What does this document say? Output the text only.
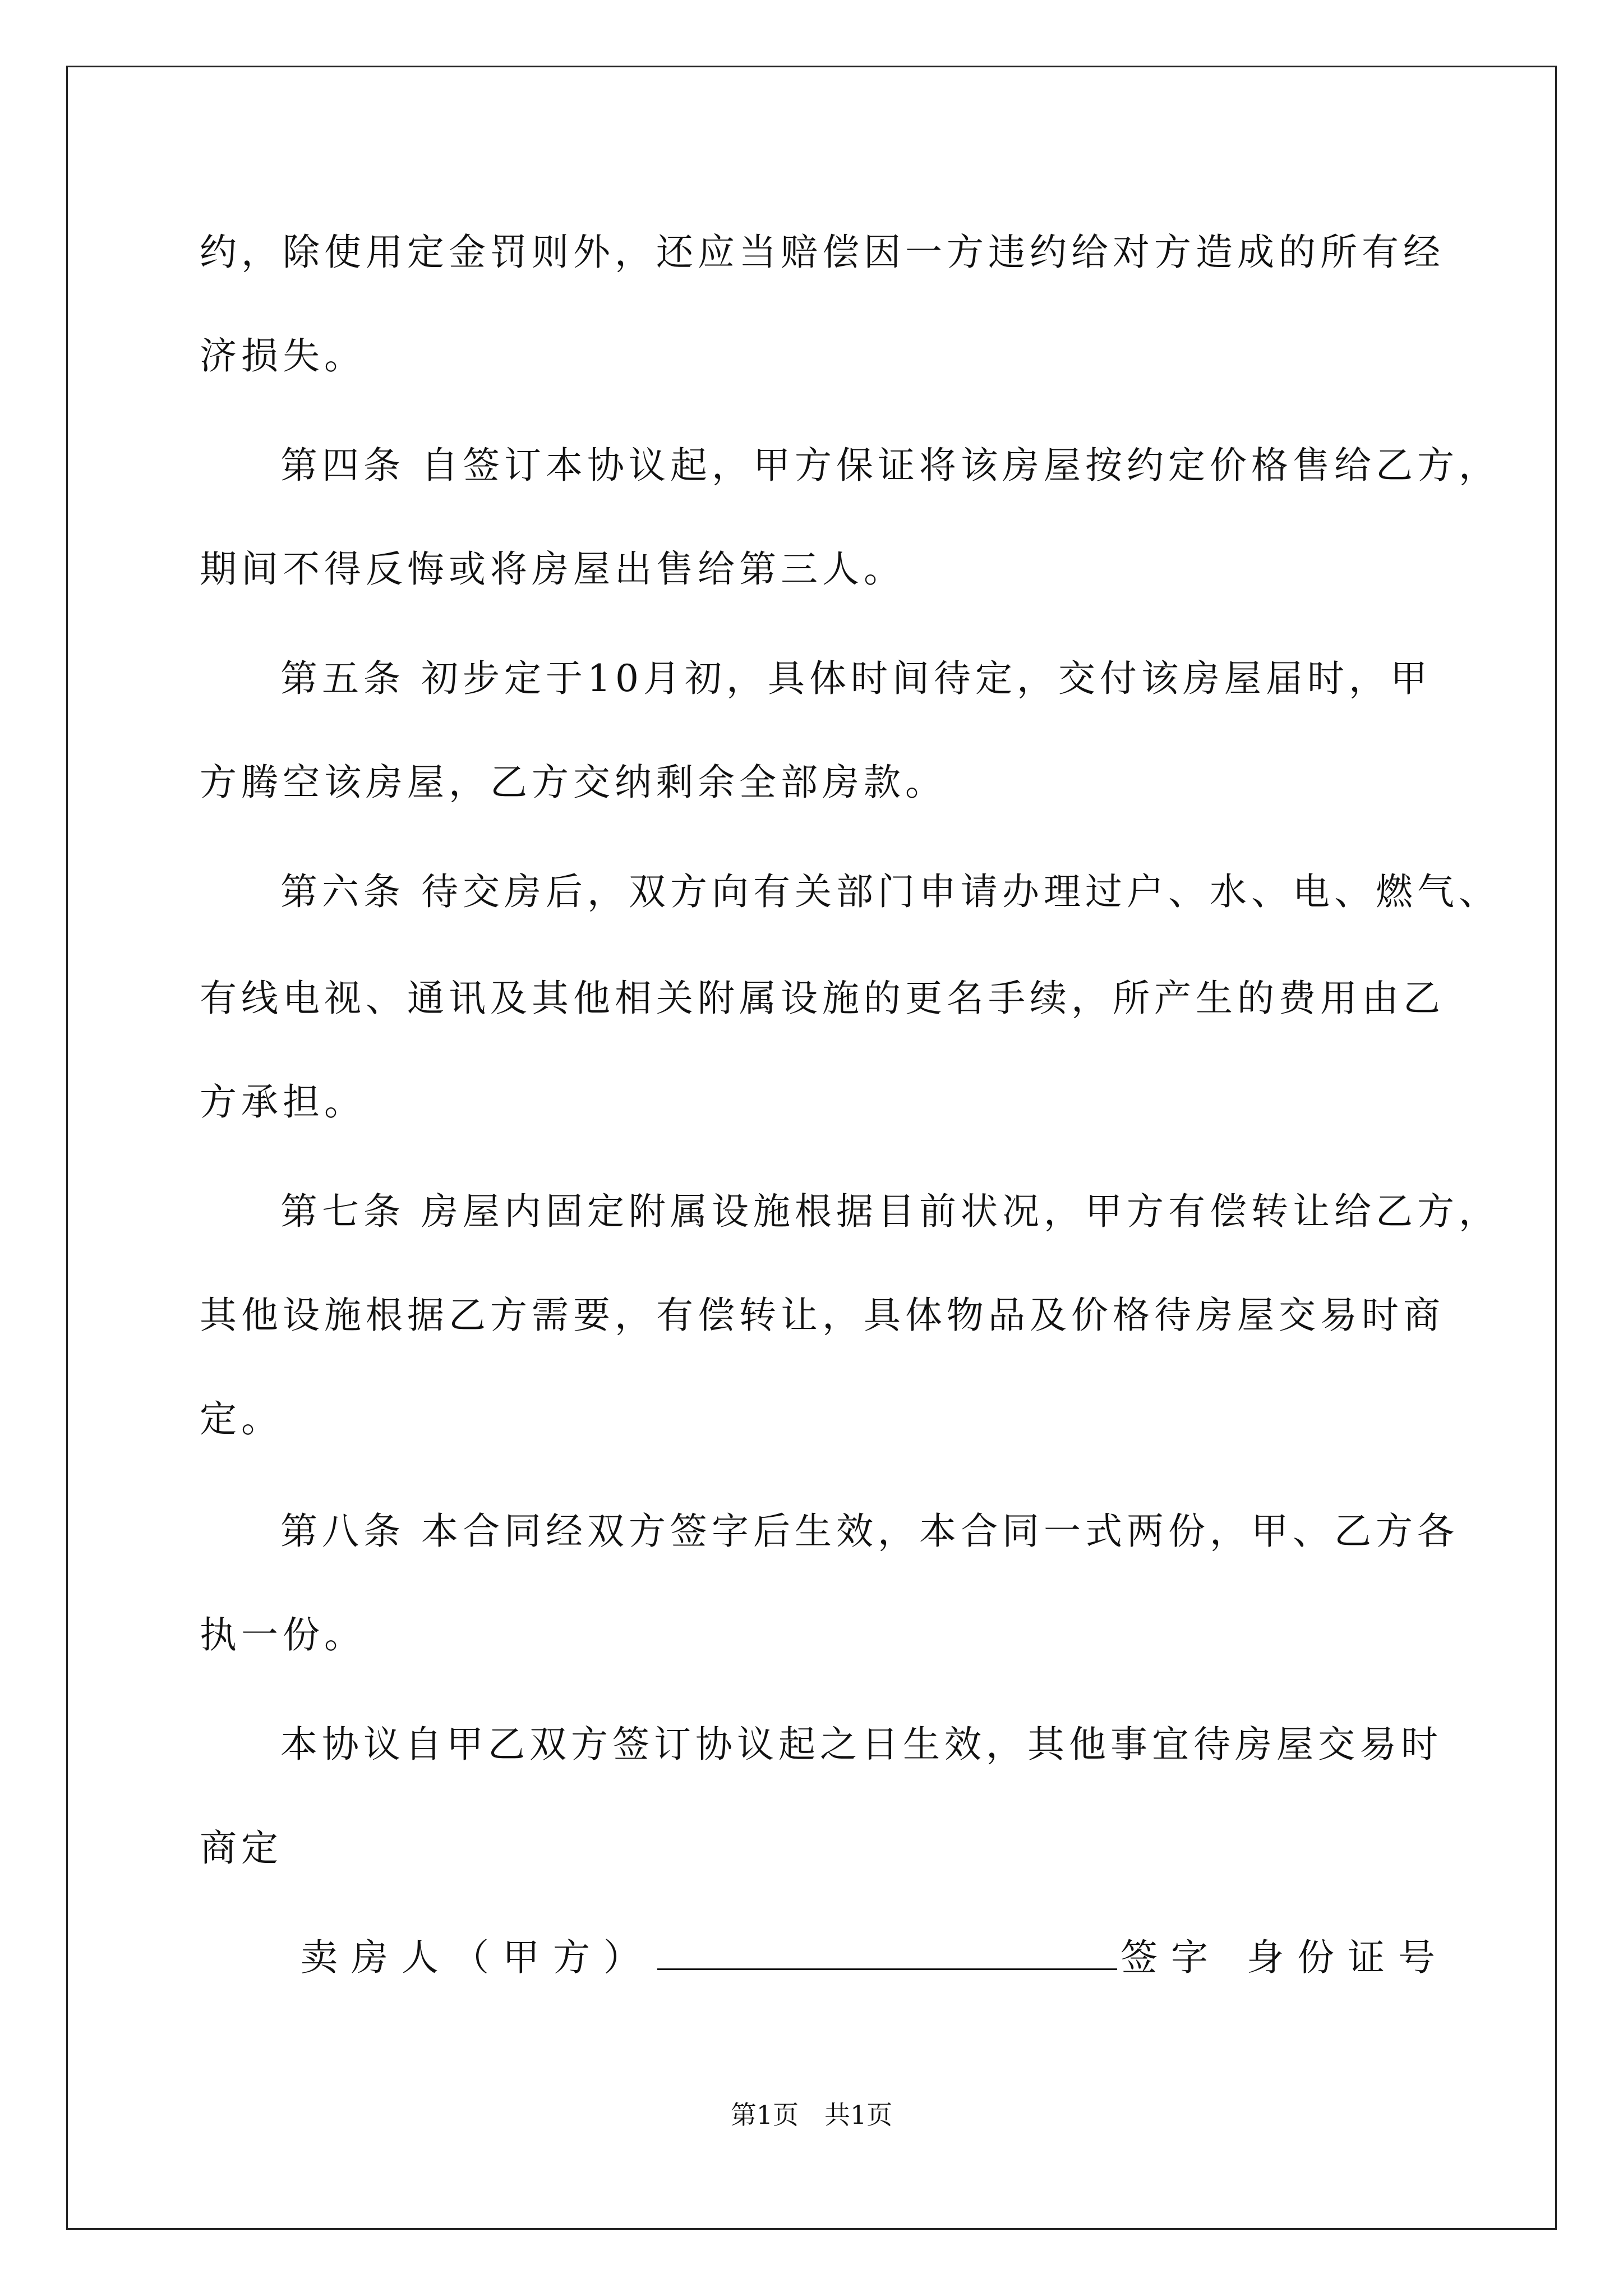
约，除使用定金罚则外，还应当赔偿因一方违约给对方造成的所有经
济损失。
第四条 自签订本协议起，甲方保证将该房屋按约定价格售给乙方，
期间不得反悔或将房屋出售给第三人。
第五条 初步定于10月初，具体时间待定，交付该房屋届时，甲
方腾空该房屋，乙方交纳剩余全部房款。
第六条 待交房后，双方向有关部门申请办理过户、水、电、燃气、
有线电视、通讯及其他相关附属设施的更名手续，所产生的费用由乙
方承担。
第七条 房屋内固定附属设施根据目前状况，甲方有偿转让给乙方，
其他设施根据乙方需要，有偿转让，具体物品及价格待房屋交易时商
定。
第八条 本合同经双方签字后生效，本合同一式两份，甲、乙方各
执一份。
本协议自甲乙双方签订协议起之日生效，其他事宜待房屋交易时
商定
卖房人（甲方）	签字 身份证号
第1页　共1页
